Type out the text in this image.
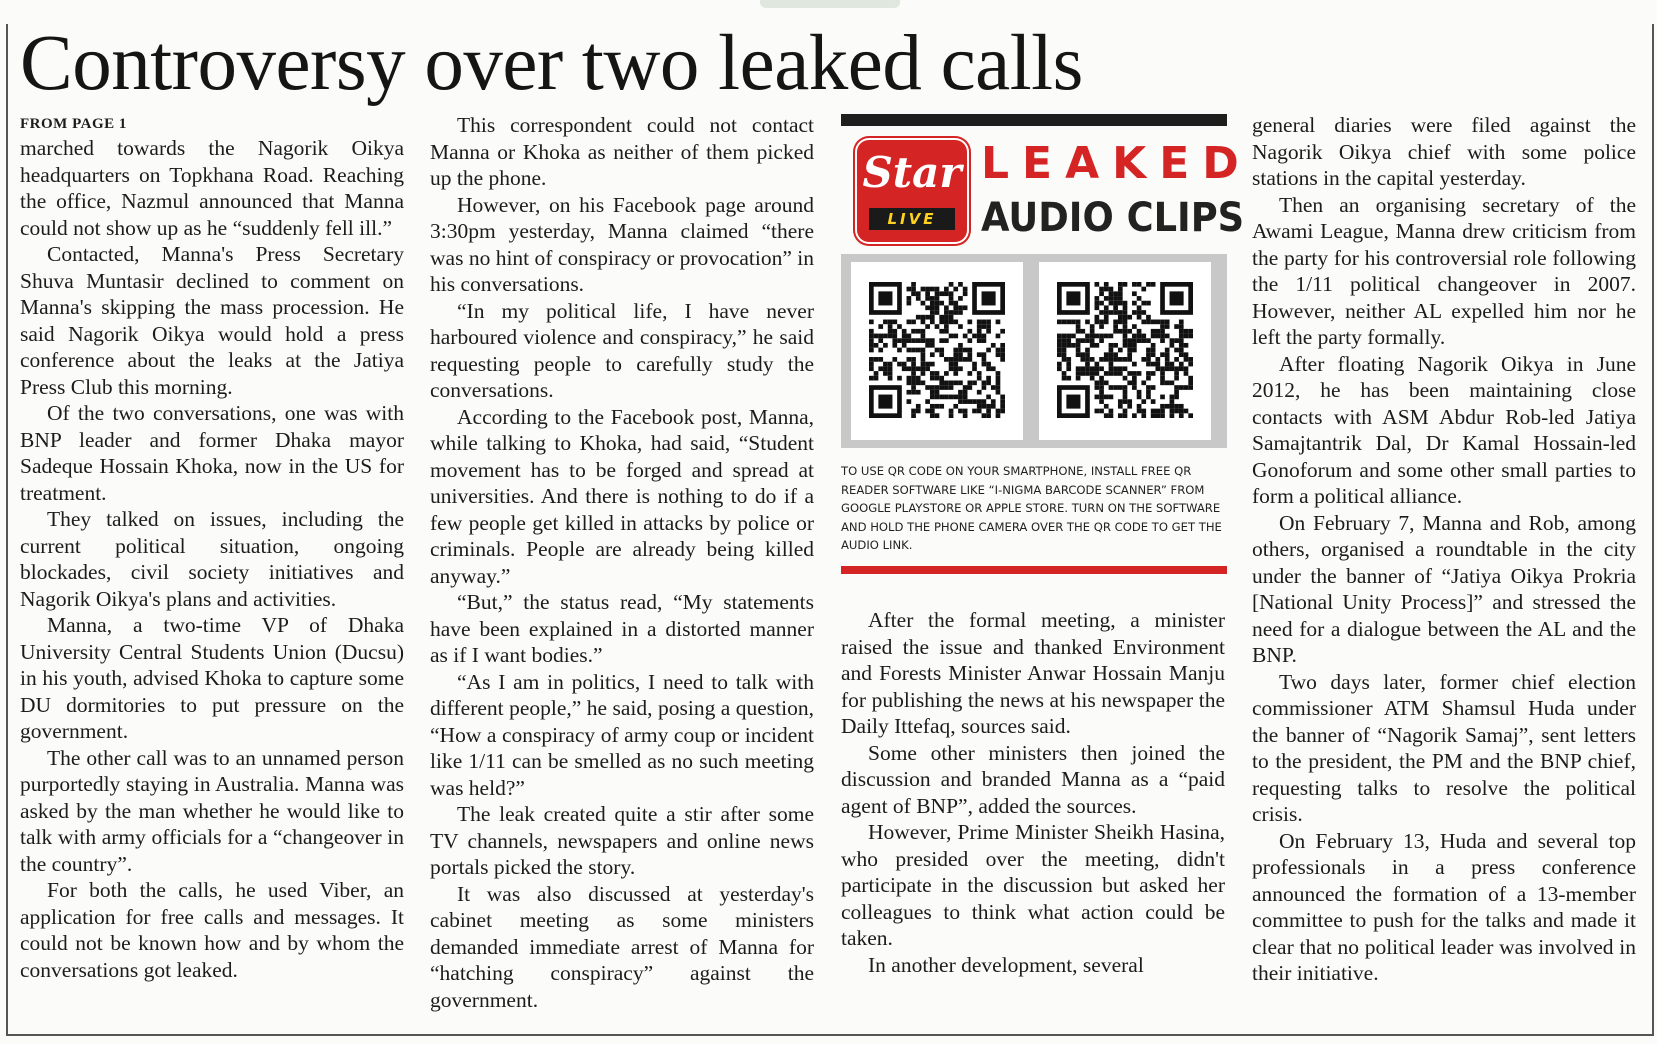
Controversy over two leaked calls
FROM PAGE 1

marched towards the Nagorik Oikya headquarters on Topkhana Road. Reaching the office, Nazmul announced that Manna could not show up as he “suddenly fell ill.”

Contacted, Manna's Press Secretary Shuva Muntasir declined to comment on Manna's skipping the mass procession. He said Nagorik Oikya would hold a press conference about the leaks at the Jatiya Press Club this morning.

Of the two conversations, one was with BNP leader and former Dhaka mayor Sadeque Hossain Khoka, now in the US for treatment.

They talked on issues, including the current political situation, ongoing blockades, civil society initiatives and Nagorik Oikya's plans and activities.

Manna, a two-time VP of Dhaka University Central Students Union (Ducsu) in his youth, advised Khoka to capture some DU dormitories to put pressure on the government.

The other call was to an unnamed person purportedly staying in Australia. Manna was asked by the man whether he would like to talk with army officials for a “changeover in the country”.

For both the calls, he used Viber, an application for free calls and messages. It could not be known how and by whom the conversations got leaked.

This correspondent could not contact Manna or Khoka as neither of them picked up the phone.

However, on his Facebook page around 3:30pm yesterday, Manna claimed “there was no hint of conspiracy or provocation” in his conversations.

“In my political life, I have never harboured violence and conspiracy,” he said requesting people to carefully study the conversations.

According to the Facebook post, Manna, while talking to Khoka, had said, “Student movement has to be forged and spread at universities. And there is nothing to do if a few people get killed in attacks by police or criminals. People are already being killed anyway.”

“But,” the status read, “My statements have been explained in a distorted manner as if I want bodies.”

“As I am in politics, I need to talk with different people,” he said, posing a question, “How a conspiracy of army coup or incident like 1/11 can be smelled as no such meeting was held?”

The leak created quite a stir after some TV channels, newspapers and online news portals picked the story.

It was also discussed at yesterday's cabinet meeting as some ministers demanded immediate arrest of Manna for “hatching conspiracy” against the government.

Star
LIVE
LEAKED
AUDIO CLIPS
TO USE QR CODE ON YOUR SMARTPHONE, INSTALL FREE QR READER SOFTWARE LIKE “I-NIGMA BARCODE SCANNER” FROM GOOGLE PLAYSTORE OR APPLE STORE. TURN ON THE SOFTWARE AND HOLD THE PHONE CAMERA OVER THE QR CODE TO GET THE AUDIO LINK.

After the formal meeting, a minister raised the issue and thanked Environment and Forests Minister Anwar Hossain Manju for publishing the news at his newspaper the Daily Ittefaq, sources said.

Some other ministers then joined the discussion and branded Manna as a “paid agent of BNP”, added the sources.

However, Prime Minister Sheikh Hasina, who presided over the meeting, didn't participate in the discussion but asked her colleagues to think what action could be taken.

In another development, several

general diaries were filed against the Nagorik Oikya chief with some police stations in the capital yesterday.

Then an organising secretary of the Awami League, Manna drew criticism from the party for his controversial role following the 1/11 political changeover in 2007. However, neither AL expelled him nor he left the party formally.

After floating Nagorik Oikya in June 2012, he has been maintaining close contacts with ASM Abdur Rob-led Jatiya Samajtantrik Dal, Dr Kamal Hossain-led Gonoforum and some other small parties to form a political alliance.

On February 7, Manna and Rob, among others, organised a roundtable in the city under the banner of “Jatiya Oikya Prokria [National Unity Process]” and stressed the need for a dialogue between the AL and the BNP.

Two days later, former chief election commissioner ATM Shamsul Huda under the banner of “Nagorik Samaj”, sent letters to the president, the PM and the BNP chief, requesting talks to resolve the political crisis.

On February 13, Huda and several top professionals in a press conference announced the formation of a 13-member committee to push for the talks and made it clear that no political leader was involved in their initiative.
